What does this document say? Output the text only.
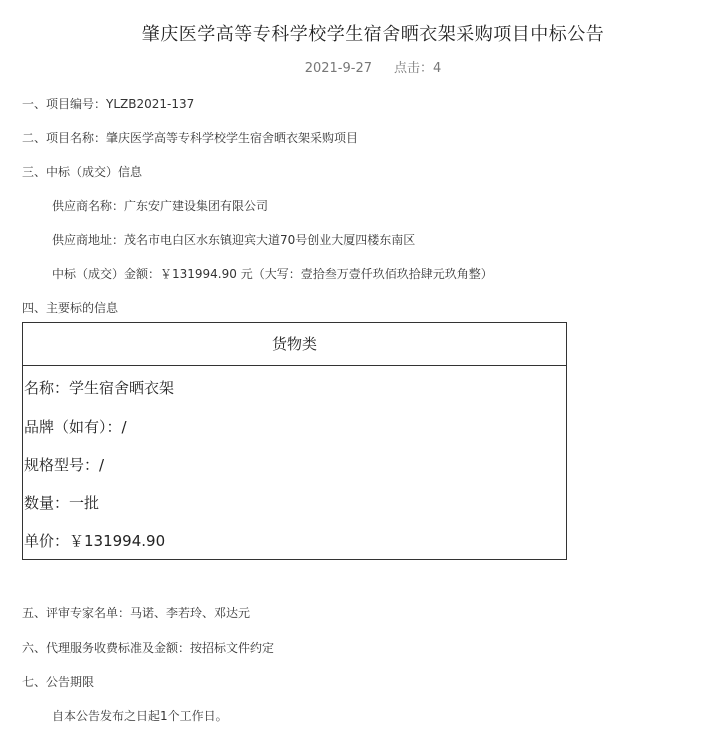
肇庆医学高等专科学校学生宿舍晒衣架采购项目中标公告
2021-9-27 点击：4
一、项目编号：YLZB2021-137
二、项目名称：肇庆医学高等专科学校学生宿舍晒衣架采购项目
三、中标（成交）信息
供应商名称：广东安广建设集团有限公司
供应商地址：茂名市电白区水东镇迎宾大道70号创业大厦四楼东南区
中标（成交）金额：￥131994.90 元（大写：壹拾叁万壹仟玖佰玖拾肆元玖角整）
四、主要标的信息
货物类
名称：学生宿舍晒衣架
品牌（如有）：/
规格型号：/
数量：一批
单价：￥131994.90
五、评审专家名单：马诺、李若玲、邓达元
六、代理服务收费标准及金额：按招标文件约定
七、公告期限
自本公告发布之日起1个工作日。
